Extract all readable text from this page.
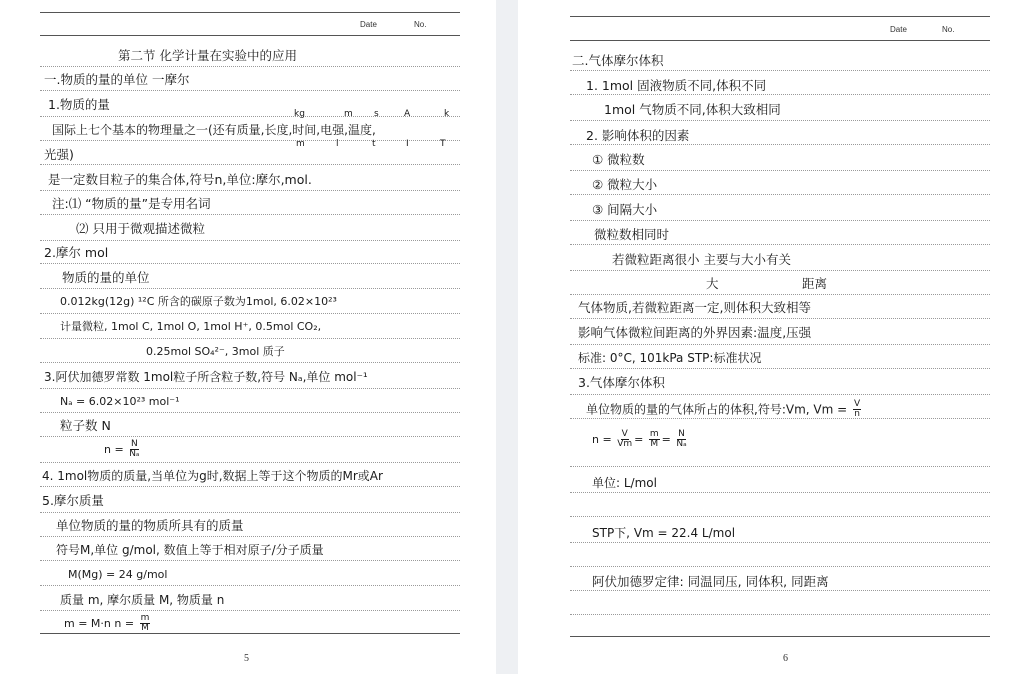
Date	No.
第二节 化学计量在实验中的应用
一.物质的量的单位 一摩尔
1.物质的量
kg	m s	A	k
国际上七个基本的物理量之一(还有质量,长度,时间,电强,温度,
m	l	t	I	T
光强)
是一定数目粒子的集合体,符号n,单位:摩尔,mol.
注:⑴ “物质的量”是专用名词
⑵ 只用于微观描述微粒
2.摩尔 mol
物质的量的单位
0.012kg(12g) ¹²C 所含的碳原子数为1mol, 6.02×10²³
计量微粒, 1mol C, 1mol O, 1mol H⁺, 0.5mol CO₂,
0.25mol SO₄²⁻, 3mol 质子
3.阿伏加德罗常数 1mol粒子所含粒子数,符号 Nₐ,单位 mol⁻¹
Nₐ = 6.02×10²³ mol⁻¹
粒子数 N
$n = \frac{N}{\text{Nₐ}}$
4. 1mol物质的质量,当单位为g时,数据上等于这个物质的Mr或Ar
5.摩尔质量
单位物质的量的物质所具有的质量
符号M,单位 g/mol, 数值上等于相对原子/分子质量
M(Mg) = 24 g/mol
质量 m, 摩尔质量 M, 物质量 n
m = M·n $n = \frac{m}{M}$
5
Date	No.
二.气体摩尔体积
1. 1mol 固液物质不同,体积不同
1mol 气物质不同,体积大致相同
2. 影响体积的因素
① 微粒数
② 微粒大小
③ 间隔大小
微粒数相同时
若微粒距离很小 主要与大小有关
大	距离
气体物质,若微粒距离一定,则体积大致相等
影响气体微粒间距离的外界因素:温度,压强
标准: 0°C, 101kPa STP:标准状况
3.气体摩尔体积
单位物质的量的气体所占的体积,符号:Vm, $Vm = \frac{V}{n}$
$n = \frac{V}{Vm} = \frac{m}{M} = \frac{N}{\text{Nₐ}}$
单位: L/mol
STP下, Vm = 22.4 L/mol
阿伏加德罗定律: 同温同压, 同体积, 同距离
6
